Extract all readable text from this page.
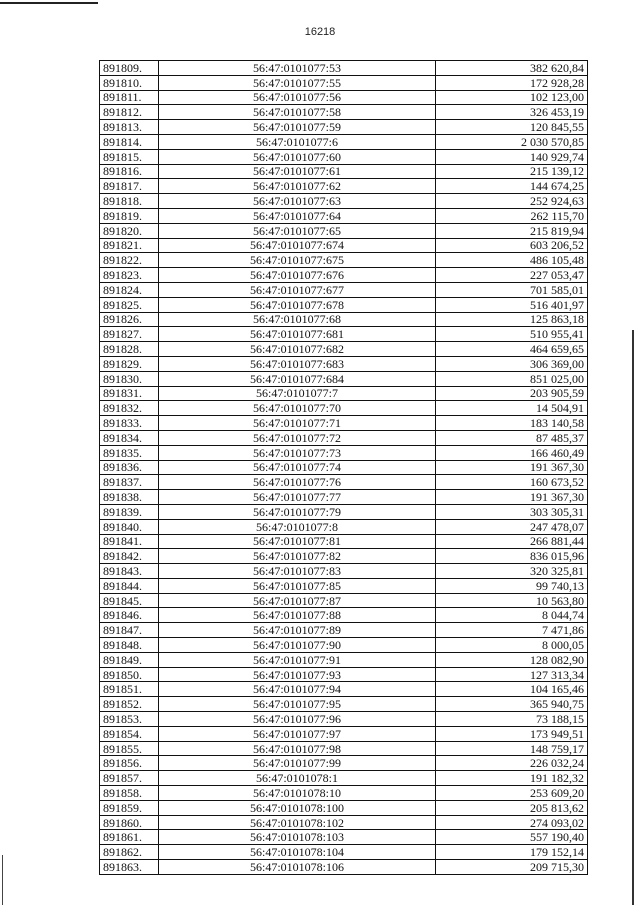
16218
891809.	56:47:0101077:53	382 620,84
891810.	56:47:0101077:55	172 928,28
891811.	56:47:0101077:56	102 123,00
891812.	56:47:0101077:58	326 453,19
891813.	56:47:0101077:59	120 845,55
891814.	56:47:0101077:6	2 030 570,85
891815.	56:47:0101077:60	140 929,74
891816.	56:47:0101077:61	215 139,12
891817.	56:47:0101077:62	144 674,25
891818.	56:47:0101077:63	252 924,63
891819.	56:47:0101077:64	262 115,70
891820.	56:47:0101077:65	215 819,94
891821.	56:47:0101077:674	603 206,52
891822.	56:47:0101077:675	486 105,48
891823.	56:47:0101077:676	227 053,47
891824.	56:47:0101077:677	701 585,01
891825.	56:47:0101077:678	516 401,97
891826.	56:47:0101077:68	125 863,18
891827.	56:47:0101077:681	510 955,41
891828.	56:47:0101077:682	464 659,65
891829.	56:47:0101077:683	306 369,00
891830.	56:47:0101077:684	851 025,00
891831.	56:47:0101077:7	203 905,59
891832.	56:47:0101077:70	14 504,91
891833.	56:47:0101077:71	183 140,58
891834.	56:47:0101077:72	87 485,37
891835.	56:47:0101077:73	166 460,49
891836.	56:47:0101077:74	191 367,30
891837.	56:47:0101077:76	160 673,52
891838.	56:47:0101077:77	191 367,30
891839.	56:47:0101077:79	303 305,31
891840.	56:47:0101077:8	247 478,07
891841.	56:47:0101077:81	266 881,44
891842.	56:47:0101077:82	836 015,96
891843.	56:47:0101077:83	320 325,81
891844.	56:47:0101077:85	99 740,13
891845.	56:47:0101077:87	10 563,80
891846.	56:47:0101077:88	8 044,74
891847.	56:47:0101077:89	7 471,86
891848.	56:47:0101077:90	8 000,05
891849.	56:47:0101077:91	128 082,90
891850.	56:47:0101077:93	127 313,34
891851.	56:47:0101077:94	104 165,46
891852.	56:47:0101077:95	365 940,75
891853.	56:47:0101077:96	73 188,15
891854.	56:47:0101077:97	173 949,51
891855.	56:47:0101077:98	148 759,17
891856.	56:47:0101077:99	226 032,24
891857.	56:47:0101078:1	191 182,32
891858.	56:47:0101078:10	253 609,20
891859.	56:47:0101078:100	205 813,62
891860.	56:47:0101078:102	274 093,02
891861.	56:47:0101078:103	557 190,40
891862.	56:47:0101078:104	179 152,14
891863.	56:47:0101078:106	209 715,30
